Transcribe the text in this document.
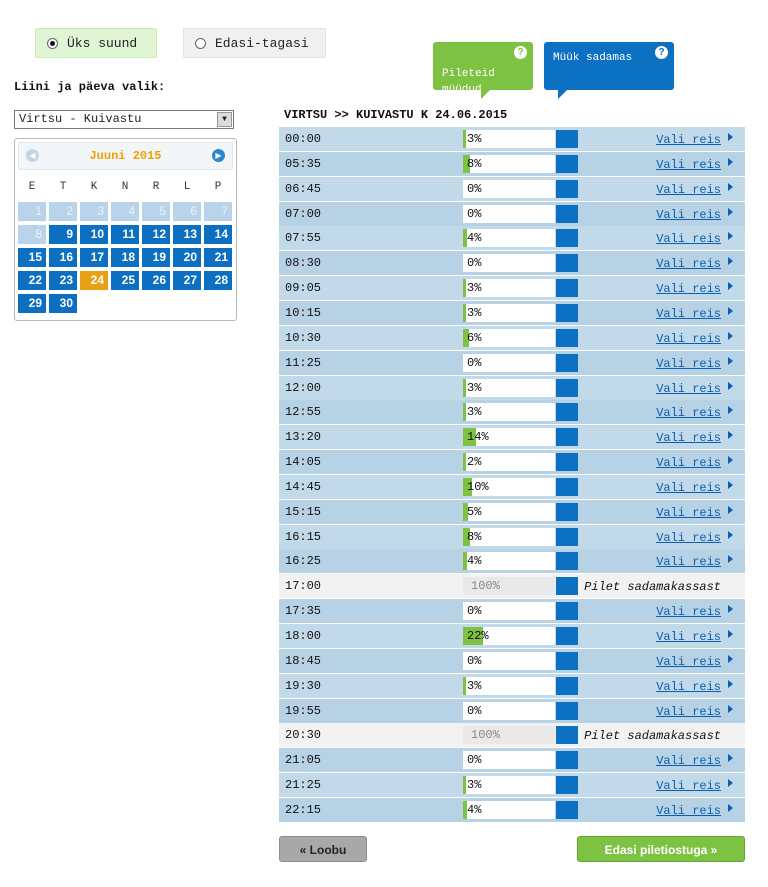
Üks suund	Edasi-tagasi

Pileteid
müüdud

?	Müük sadamas	?
Liini ja päeva valik:
Virtsu - Kuivastu	▼
◀	Juuni 2015	▶
E	T	K	N	R	L	P
1	2	3	4	5	6	7
8	9	10	11	12	13	14
15	16	17	18	19	20	21
22	23	24	25	26	27	28
29	30
VIRTSU >> KUIVASTU K 24.06.2015
00:00	3%	Vali reis
05:35	8%	Vali reis
06:45	0%	Vali reis
07:00	0%	Vali reis
07:55	4%	Vali reis
08:30	0%	Vali reis
09:05	3%	Vali reis
10:15	3%	Vali reis
10:30	6%	Vali reis
11:25	0%	Vali reis
12:00	3%	Vali reis
12:55	3%	Vali reis
13:20	14%	Vali reis
14:05	2%	Vali reis
14:45	10%	Vali reis
15:15	5%	Vali reis
16:15	8%	Vali reis
16:25	4%	Vali reis
17:00	100%	Pilet sadamakassast
17:35	0%	Vali reis
18:00	22%	Vali reis
18:45	0%	Vali reis
19:30	3%	Vali reis
19:55	0%	Vali reis
20:30	100%	Pilet sadamakassast
21:05	0%	Vali reis
21:25	3%	Vali reis
22:15	4%	Vali reis
« Loobu	Edasi piletiostuga »
